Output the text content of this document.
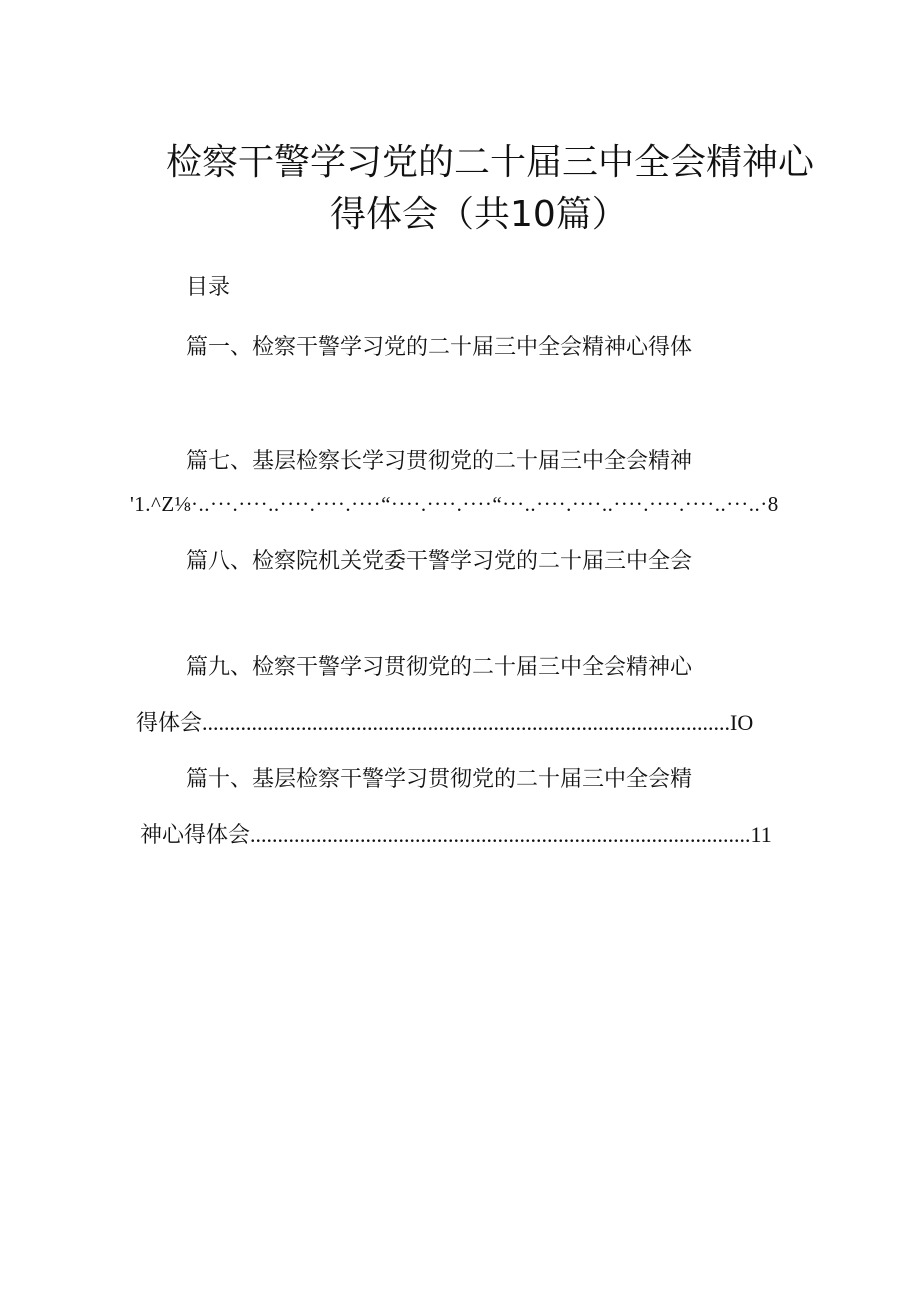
检察干警学习党的二十届三中全会精神心
得体会（共10篇）
目录
篇一、检察干警学习党的二十届三中全会精神心得体
篇七、基层检察长学习贯彻党的二十届三中全会精神
'1.^Z⅛·..···.····..····.····.····“····.····.····“···..····.····..····.····.····..···..·8
篇八、检察院机关党委干警学习党的二十届三中全会
篇九、检察干警学习贯彻党的二十届三中全会精神心
得体会................................................................................................IO
篇十、基层检察干警学习贯彻党的二十届三中全会精
神心得体会...........................................................................................11
